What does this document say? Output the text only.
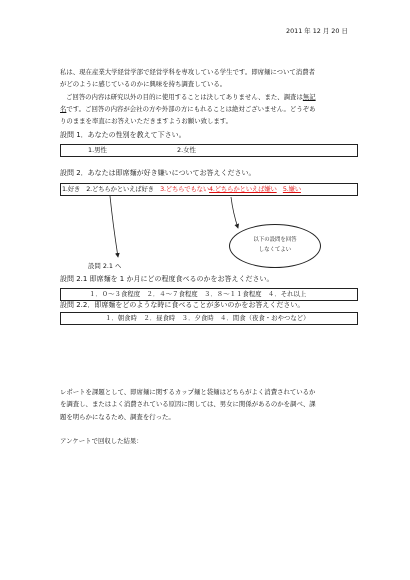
2011 年 12 月 20 日
私は、現在産業大学経営学部で経営学科を専攻している学生です。即席麺について消費者
がどのように感じているのかに興味を持ち調査している。
ご回答の内容は研究以外の目的に使用することは決してありません、また、調査は無記
名です。ご回答の内容が会社の方や外部の方にもれることは絶対ございません。どうぞあ
りのままを率直にお答えいただきますようお願い致します。
設問 1．あなたの性別を教えて下さい。
1.男性	2.女性
設問 2．あなたは即席麺が好き嫌いについてお答えください。
1.好き　2.どちらかといえば好き　 3.どちらでもない4.どちらかといえば嫌い　 5.嫌い
以下の設問を回答
しなくてよい
設問 2.1 へ
設問 2.1 即席麺を 1 か月にどの程度食べるのかをお答えください。
１．０～３食程度　２．４～７食程度　３．８～１１食程度　４．それ以上
設問 2.2．即席麺をどのような時に食べることが多いのかをお答えください。
１．朝食時　２．昼食時　３．夕食時　４．間食（夜食・おやつなど）
レポートを課題として、即席麺に関するカップ麺と袋麺はどちらがよく消費されているか
を調査し、またはよく消費されている原因に関しては、男女に関係があるのかを調べ、課
題を明らかになるため、調査を行った。
アンケートで回収した結果：
